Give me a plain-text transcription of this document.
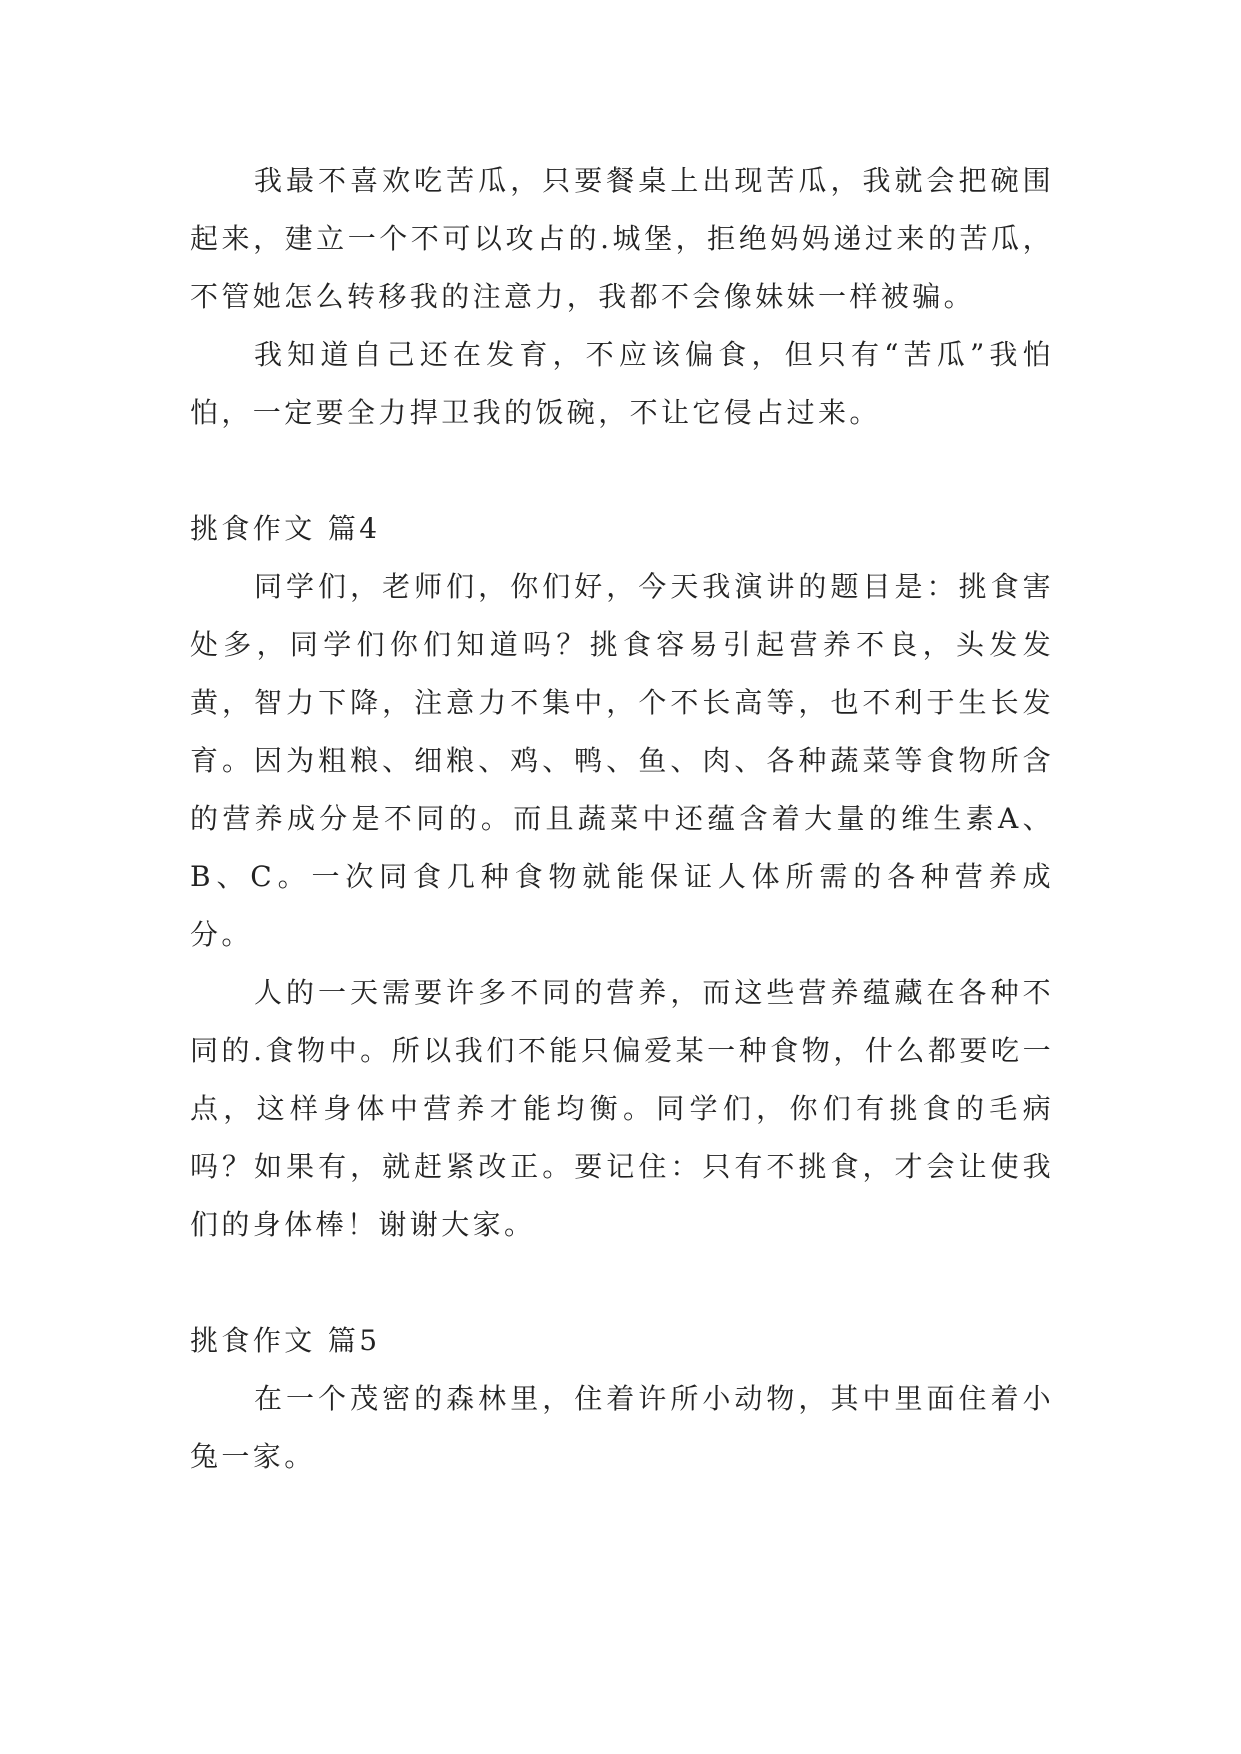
我最不喜欢吃苦瓜，只要餐桌上出现苦瓜，我就会把碗围起来，建立一个不可以攻占的.城堡，拒绝妈妈递过来的苦瓜，不管她怎么转移我的注意力，我都不会像妹妹一样被骗。

我知道自己还在发育，不应该偏食，但只有“苦瓜”我怕怕，一定要全力捍卫我的饭碗，不让它侵占过来。

挑食作文 篇4

同学们，老师们，你们好，今天我演讲的题目是：挑食害处多，同学们你们知道吗？挑食容易引起营养不良，头发发黄，智力下降，注意力不集中，个不长高等，也不利于生长发育。因为粗粮、细粮、鸡、鸭、鱼、肉、各种蔬菜等食物所含的营养成分是不同的。而且蔬菜中还蕴含着大量的维生素A、B、C。一次同食几种食物就能保证人体所需的各种营养成分。

人的一天需要许多不同的营养，而这些营养蕴藏在各种不同的.食物中。所以我们不能只偏爱某一种食物，什么都要吃一点，这样身体中营养才能均衡。同学们，你们有挑食的毛病吗？如果有，就赶紧改正。要记住：只有不挑食，才会让使我们的身体棒！谢谢大家。

挑食作文 篇5

在一个茂密的森林里，住着许所小动物，其中里面住着小兔一家。
